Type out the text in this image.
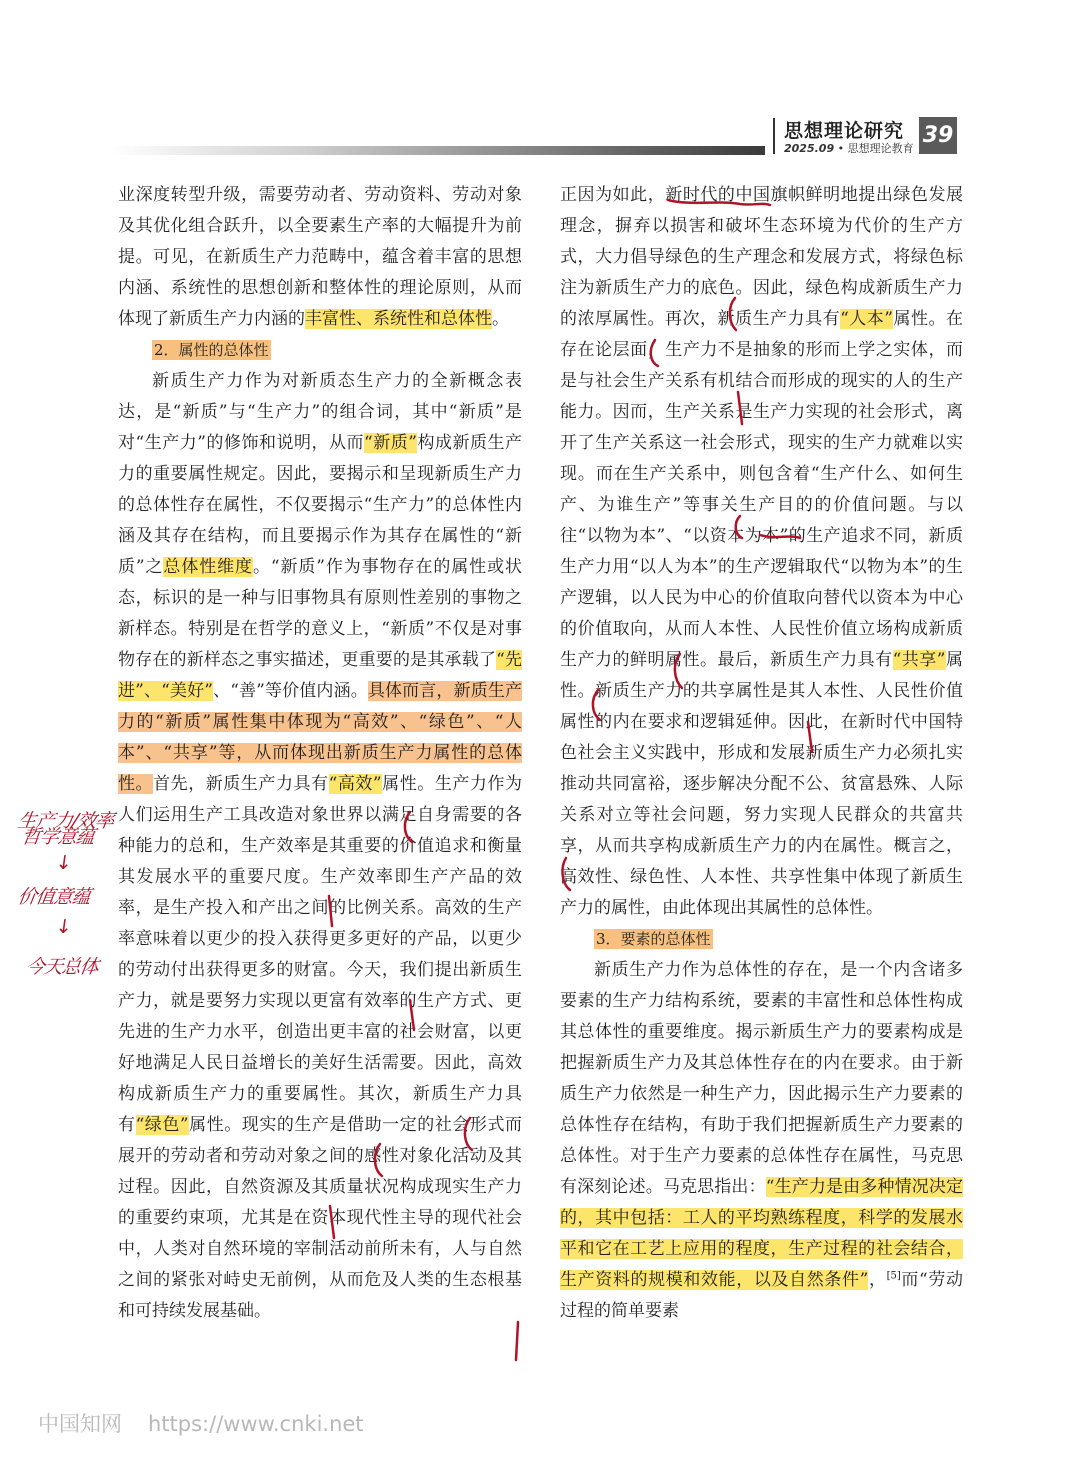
思想理论研究
2025.09 • 思想理论教育
39

业深度转型升级，需要劳动者、劳动资料、劳动对象及其优化组合跃升，以全要素生产率的大幅提升为前提。可见，在新质生产力范畴中，蕴含着丰富的思想内涵、系统性的思想创新和整体性的理论原则，从而体现了新质生产力内涵的丰富性、系统性和总体性。

2．属性的总体性

新质生产力作为对新质态生产力的全新概念表达，是“新质”与“生产力”的组合词，其中“新质”是对“生产力”的修饰和说明，从而“新质”构成新质生产力的重要属性规定。因此，要揭示和呈现新质生产力的总体性存在属性，不仅要揭示“生产力”的总体性内涵及其存在结构，而且要揭示作为其存在属性的“新质”之总体性维度。“新质”作为事物存在的属性或状态，标识的是一种与旧事物具有原则性差别的事物之新样态。特别是在哲学的意义上，“新质”不仅是对事物存在的新样态之事实描述，更重要的是其承载了“先进”、“美好”、“善”等价值内涵。具体而言，新质生产力的“新质”属性集中体现为“高效”、“绿色”、“人本”、“共享”等，从而体现出新质生产力属性的总体性。首先，新质生产力具有“高效”属性。生产力作为人们运用生产工具改造对象世界以满足自身需要的各种能力的总和，生产效率是其重要的价值追求和衡量其发展水平的重要尺度。生产效率即生产产品的效率，是生产投入和产出之间的比例关系。高效的生产率意味着以更少的投入获得更多更好的产品，以更少的劳动付出获得更多的财富。今天，我们提出新质生产力，就是要努力实现以更富有效率的生产方式、更先进的生产力水平，创造出更丰富的社会财富，以更好地满足人民日益增长的美好生活需要。因此，高效构成新质生产力的重要属性。其次，新质生产力具有“绿色”属性。现实的生产是借助一定的社会形式而展开的劳动者和劳动对象之间的感性对象化活动及其过程。因此，自然资源及其质量状况构成现实生产力的重要约束项，尤其是在资本现代性主导的现代社会中，人类对自然环境的宰制活动前所未有，人与自然之间的紧张对峙史无前例，从而危及人类的生态根基和可持续发展基础。

正因为如此，新时代的中国旗帜鲜明地提出绿色发展理念，摒弃以损害和破坏生态环境为代价的生产方式，大力倡导绿色的生产理念和发展方式，将绿色标注为新质生产力的底色。因此，绿色构成新质生产力的浓厚属性。再次，新质生产力具有“人本”属性。在存在论层面，生产力不是抽象的形而上学之实体，而是与社会生产关系有机结合而形成的现实的人的生产能力。因而，生产关系是生产力实现的社会形式，离开了生产关系这一社会形式，现实的生产力就难以实现。而在生产关系中，则包含着“生产什么、如何生产、为谁生产”等事关生产目的的价值问题。与以往“以物为本”、“以资本为本”的生产追求不同，新质生产力用“以人为本”的生产逻辑取代“以物为本”的生产逻辑，以人民为中心的价值取向替代以资本为中心的价值取向，从而人本性、人民性价值立场构成新质生产力的鲜明属性。最后，新质生产力具有“共享”属性。新质生产力的共享属性是其人本性、人民性价值属性的内在要求和逻辑延伸。因此，在新时代中国特色社会主义实践中，形成和发展新质生产力必须扎实推动共同富裕，逐步解决分配不公、贫富悬殊、人际关系对立等社会问题，努力实现人民群众的共富共享，从而共享构成新质生产力的内在属性。概言之，高效性、绿色性、人本性、共享性集中体现了新质生产力的属性，由此体现出其属性的总体性。

3．要素的总体性

新质生产力作为总体性的存在，是一个内含诸多要素的生产力结构系统，要素的丰富性和总体性构成其总体性的重要维度。揭示新质生产力的要素构成是把握新质生产力及其总体性存在的内在要求。由于新质生产力依然是一种生产力，因此揭示生产力要素的总体性存在结构，有助于我们把握新质生产力要素的总体性。对于生产力要素的总体性存在属性，马克思有深刻论述。马克思指出：“生产力是由多种情况决定的，其中包括：工人的平均熟练程度，科学的发展水平和它在工艺上应用的程度，生产过程的社会结合，生产资料的规模和效能，以及自然条件”，[5]而“劳动过程的简单要素

生产力/效率
哲学意蕴
↓
价值意蕴
↓
今天总体
中国知网 https://www.cnki.net
